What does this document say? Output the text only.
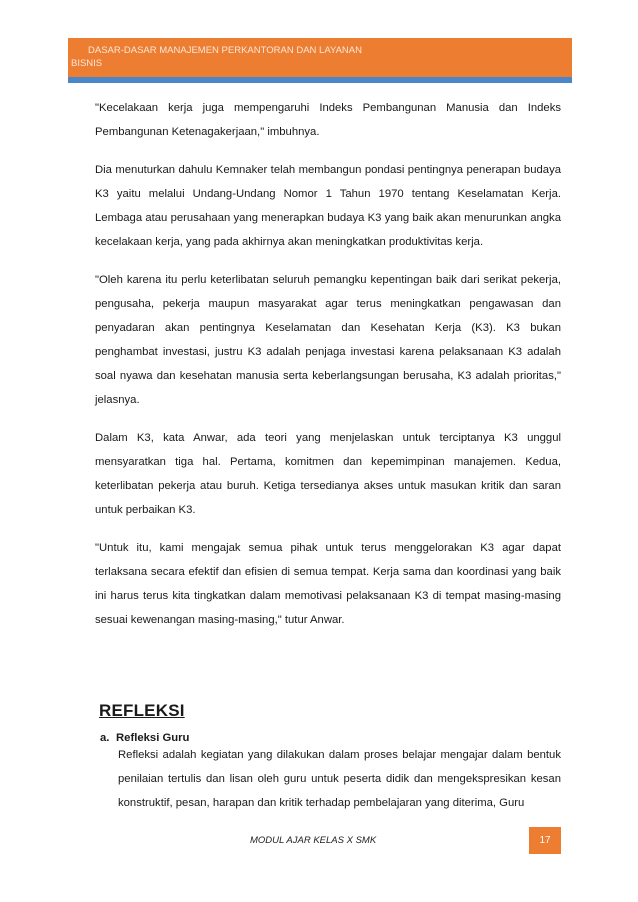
DASAR-DASAR MANAJEMEN PERKANTORAN DAN LAYANAN
BISNIS

"Kecelakaan kerja juga mempengaruhi Indeks Pembangunan Manusia dan Indeks Pembangunan Ketenagakerjaan," imbuhnya.

Dia menuturkan dahulu Kemnaker telah membangun pondasi pentingnya penerapan budaya K3 yaitu melalui Undang-Undang Nomor 1 Tahun 1970 tentang Keselamatan Kerja. Lembaga atau perusahaan yang menerapkan budaya K3 yang baik akan menurunkan angka kecelakaan kerja, yang pada akhirnya akan meningkatkan produktivitas kerja.

"Oleh karena itu perlu keterlibatan seluruh pemangku kepentingan baik dari serikat pekerja, pengusaha, pekerja maupun masyarakat agar terus meningkatkan pengawasan dan penyadaran akan pentingnya Keselamatan dan Kesehatan Kerja (K3). K3 bukan penghambat investasi, justru K3 adalah penjaga investasi karena pelaksanaan K3 adalah soal nyawa dan kesehatan manusia serta keberlangsungan berusaha, K3 adalah prioritas," jelasnya.

Dalam K3, kata Anwar, ada teori yang menjelaskan untuk terciptanya K3 unggul mensyaratkan tiga hal. Pertama, komitmen dan kepemimpinan manajemen. Kedua, keterlibatan pekerja atau buruh. Ketiga tersedianya akses untuk masukan kritik dan saran untuk perbaikan K3.

"Untuk itu, kami mengajak semua pihak untuk terus menggelorakan K3 agar dapat terlaksana secara efektif dan efisien di semua tempat. Kerja sama dan koordinasi yang baik ini harus terus kita tingkatkan dalam memotivasi pelaksanaan K3 di tempat masing-masing sesuai kewenangan masing-masing," tutur Anwar.

REFLEKSI
a. Refleksi Guru

Refleksi adalah kegiatan yang dilakukan dalam proses belajar mengajar dalam bentuk penilaian tertulis dan lisan oleh guru untuk peserta didik dan mengekspresikan kesan konstruktif, pesan, harapan dan kritik terhadap pembelajaran yang diterima, Guru

MODUL AJAR KELAS X SMK	17
